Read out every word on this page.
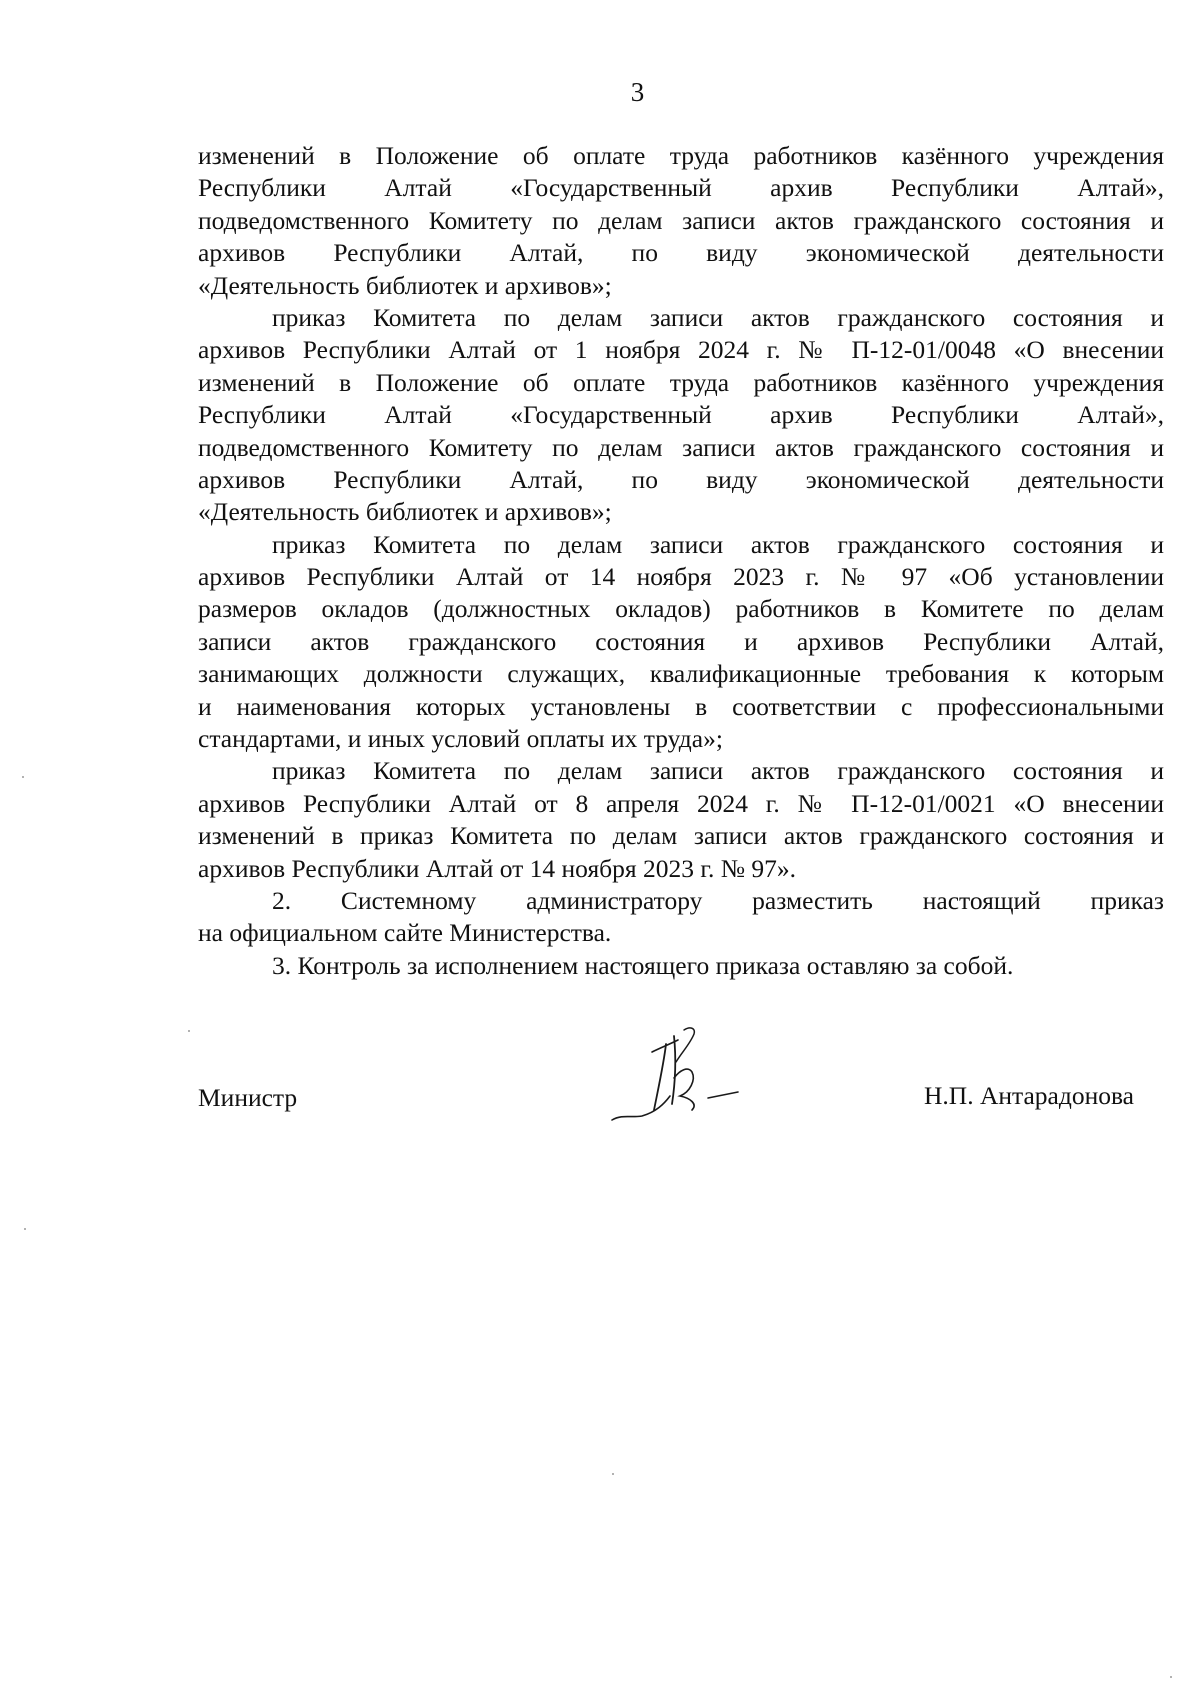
3
изменений в Положение об оплате труда работников казённого учреждения
Республики Алтай «Государственный архив Республики Алтай»,
подведомственного Комитету по делам записи актов гражданского состояния и
архивов Республики Алтай, по виду экономической деятельности
«Деятельность библиотек и архивов»;
приказ Комитета по делам записи актов гражданского состояния и
архивов Республики Алтай от 1 ноября 2024 г. № П-12-01/0048 «О внесении
изменений в Положение об оплате труда работников казённого учреждения
Республики Алтай «Государственный архив Республики Алтай»,
подведомственного Комитету по делам записи актов гражданского состояния и
архивов Республики Алтай, по виду экономической деятельности
«Деятельность библиотек и архивов»;
приказ Комитета по делам записи актов гражданского состояния и
архивов Республики Алтай от 14 ноября 2023 г. № 97 «Об установлении
размеров окладов (должностных окладов) работников в Комитете по делам
записи актов гражданского состояния и архивов Республики Алтай,
занимающих должности служащих, квалификационные требования к которым
и наименования которых установлены в соответствии с профессиональными
стандартами, и иных условий оплаты их труда»;
приказ Комитета по делам записи актов гражданского состояния и
архивов Республики Алтай от 8 апреля 2024 г. № П-12-01/0021 «О внесении
изменений в приказ Комитета по делам записи актов гражданского состояния и
архивов Республики Алтай от 14 ноября 2023 г. № 97».
2. Системному администратору разместить настоящий приказ
на официальном сайте Министерства.
3. Контроль за исполнением настоящего приказа оставляю за собой.
Министр	Н.П. Антарадонова
